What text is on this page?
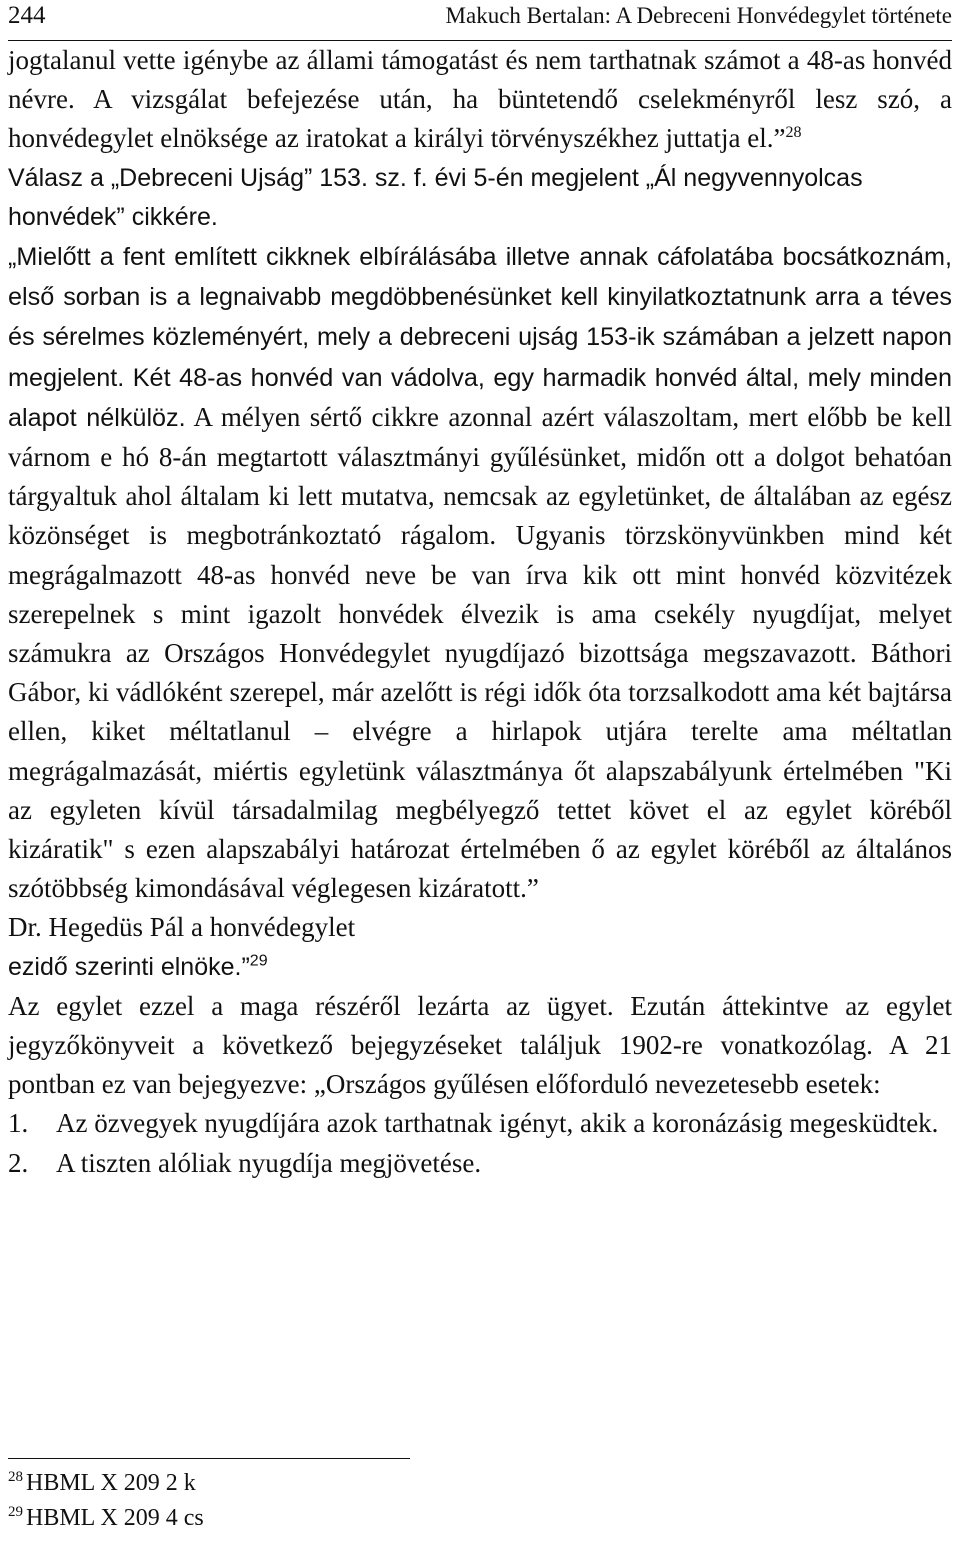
244	Makuch Bertalan: A Debreceni Honvédegylet története

jogtalanul vette igénybe az állami támogatást és nem tarthatnak számot a 48-as honvéd névre. A vizsgálat befejezése után, ha büntetendő cselekményről lesz szó, a honvédegylet elnöksége az iratokat a királyi törvényszékhez juttatja el.”$^{28}$

Válasz a „Debreceni Ujság” 153. sz. f. évi 5-én megjelent „Ál negyvennyolcas honvédek” cikkére.

„Mielőtt a fent említett cikknek elbírálásába illetve annak cáfolatába bocsátkoznám, első sorban is a legnaivabb megdöbbenésünket kell kinyilatkoztatnunk arra a téves és sérelmes közleményért, mely a debreceni ujság 153-ik számában a jelzett napon megjelent. Két 48-as honvéd van vádolva, egy harmadik honvéd által, mely minden alapot nélkülöz. A mélyen sértő cikkre azonnal azért válaszoltam, mert előbb be kell várnom e hó 8-án megtartott választmányi gyűlésünket, midőn ott a dolgot behatóan tárgyaltuk ahol általam ki lett mutatva, nemcsak az egyletünket, de általában az egész közönséget is megbotránkoztató rágalom. Ugyanis törzskönyvünkben mind két megrágalmazott 48-as honvéd neve be van írva kik ott mint honvéd közvitézek szerepelnek s mint igazolt honvédek élvezik is ama csekély nyugdíjat, melyet számukra az Országos Honvédegylet nyugdíjazó bizottsága megszavazott. Báthori Gábor, ki vádlóként szerepel, már azelőtt is régi idők óta torzsalkodott ama két bajtársa ellen, kiket méltatlanul – elvégre a hirlapok utjára terelte ama méltatlan megrágalmazását, miértis egyletünk választmánya őt alapszabályunk értelmében "Ki az egyleten kívül társadalmilag megbélyegző tettet követ el az egylet köréből kizáratik" s ezen alapszabályi határozat értelmében ő az egylet köréből az általános szótöbbség kimondásával véglegesen kizáratott.”

Dr. Hegedüs Pál a honvédegylet

ezidő szerinti elnöke.”$^{29}$

Az egylet ezzel a maga részéről lezárta az ügyet. Ezután áttekintve az egylet jegyzőkönyveit a következő bejegyzéseket találjuk 1902-re vonatkozólag. A 21 pontban ez van bejegyezve: „Országos gyűlésen előforduló nevezetesebb esetek:

1.	Az özvegyek nyugdíjára azok tarthatnak igényt, akik a koronázásig megesküdtek.
2.	A tiszten alóliak nyugdíja megjövetése.
$^{28}$ HBML X 209 2 k
$^{29}$ HBML X 209 4 cs
